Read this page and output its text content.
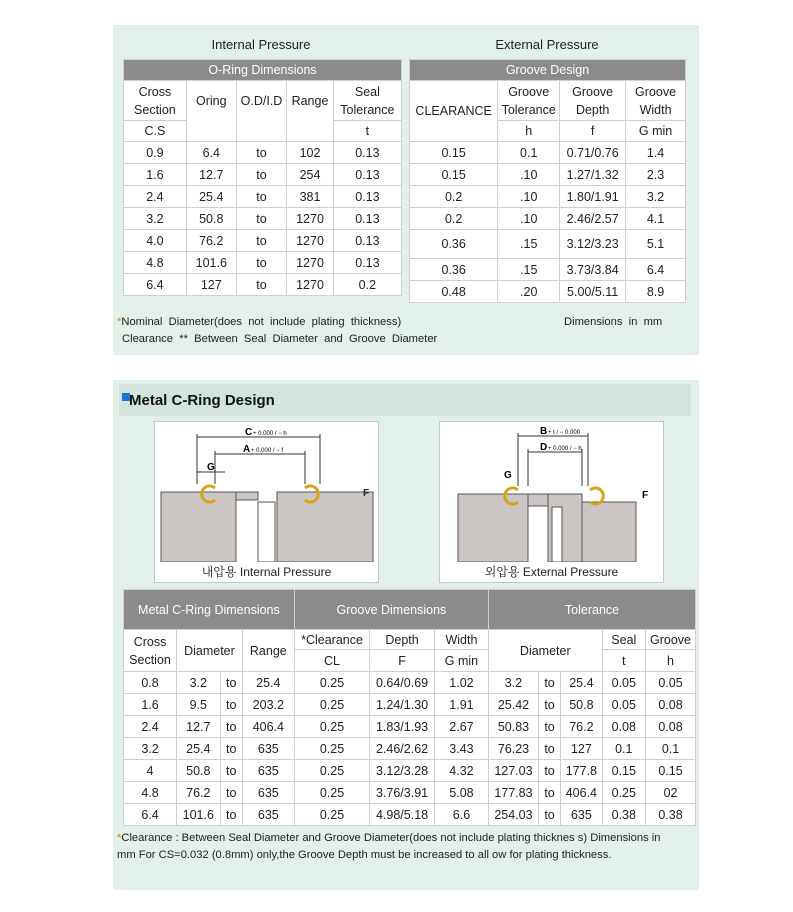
Internal Pressure	External Pressure
O-Ring Dimensions				
Cross Section	Oring	O.D/I.D	Range	Seal Tolerance
C.S				t
0.9	6.4	to	102	0.13
1.6	12.7	to	254	0.13
2.4	25.4	to	381	0.13
3.2	50.8	to	1270	0.13
4.0	76.2	to	1270	0.13
4.8	101.6	to	1270	0.13
6.4	127	to	1270	0.2
Groove Design			
CLEARANCE	Groove Tolerance	Groove Depth	Groove Width
	h	f	G min
0.15	0.1	0.71/0.76	1.4
0.15	.10	1.27/1.32	2.3
0.2	.10	1.80/1.91	3.2
0.2	.10	2.46/2.57	4.1
0.36	.15	3.12/3.23	5.1
0.36	.15	3.73/3.84	6.4
0.48	.20	5.00/5.11	8.9
*Nominal  Diameter(does  not  include  plating  thickness)	Dimensions  in  mm
Clearance  **  Between  Seal  Diameter  and  Groove  Diameter
Metal C-Ring Design
C + 0.000 / − h
A + 0.000 / − f
G
내압용 Internal Pressure
B + t / − 0.000
D + 0.000 / − h
G
F
외압용 External Pressure
F
Metal C-Ring Dimensions				Groove Dimensions			Tolerance				
Cross Section	Diameter		Range	*Clearance	Depth	Width	Diameter			Seal	Groove
				CL	F	G min				t	h
0.8	3.2	to	25.4	0.25	0.64/0.69	1.02	3.2	to	25.4	0.05	0.05
1.6	9.5	to	203.2	0.25	1.24/1.30	1.91	25.42	to	50.8	0.05	0.08
2.4	12.7	to	406.4	0.25	1.83/1.93	2.67	50.83	to	76.2	0.08	0.08
3.2	25.4	to	635	0.25	2.46/2.62	3.43	76.23	to	127	0.1	0.1
4	50.8	to	635	0.25	3.12/3.28	4.32	127.03	to	177.8	0.15	0.15
4.8	76.2	to	635	0.25	3.76/3.91	5.08	177.83	to	406.4	0.25	02
6.4	101.6	to	635	0.25	4.98/5.18	6.6	254.03	to	635	0.38	0.38
*Clearance : Between Seal Diameter and Groove Diameter(does not include plating thicknes s) Dimensions in mm For CS=0.032 (0.8mm) only,the Groove Depth must be increased to all ow for plating thickness.
